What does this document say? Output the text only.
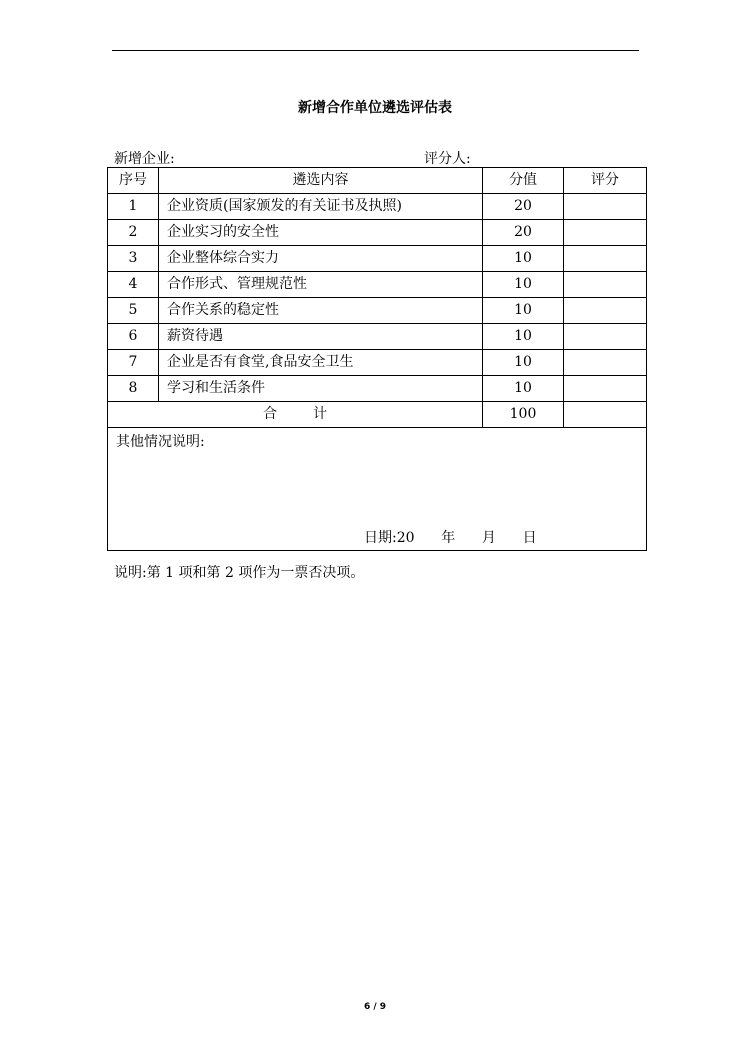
新增合作单位遴选评估表
新增企业:	评分人:
序号	遴选内容	分值	评分
1	企业资质(国家颁发的有关证书及执照)	20	
2	企业实习的安全性	20	
3	企业整体综合实力	10	
4	合作形式、管理规范性	10	
5	合作关系的稳定性	10	
6	薪资待遇	10	
7	企业是否有食堂,食品安全卫生	10	
8	学习和生活条件	10	
合 计		100	

其他情况说明:
日期:20      年      月      日			
说明:第 1 项和第 2 项作为一票否决项。
6 / 9
